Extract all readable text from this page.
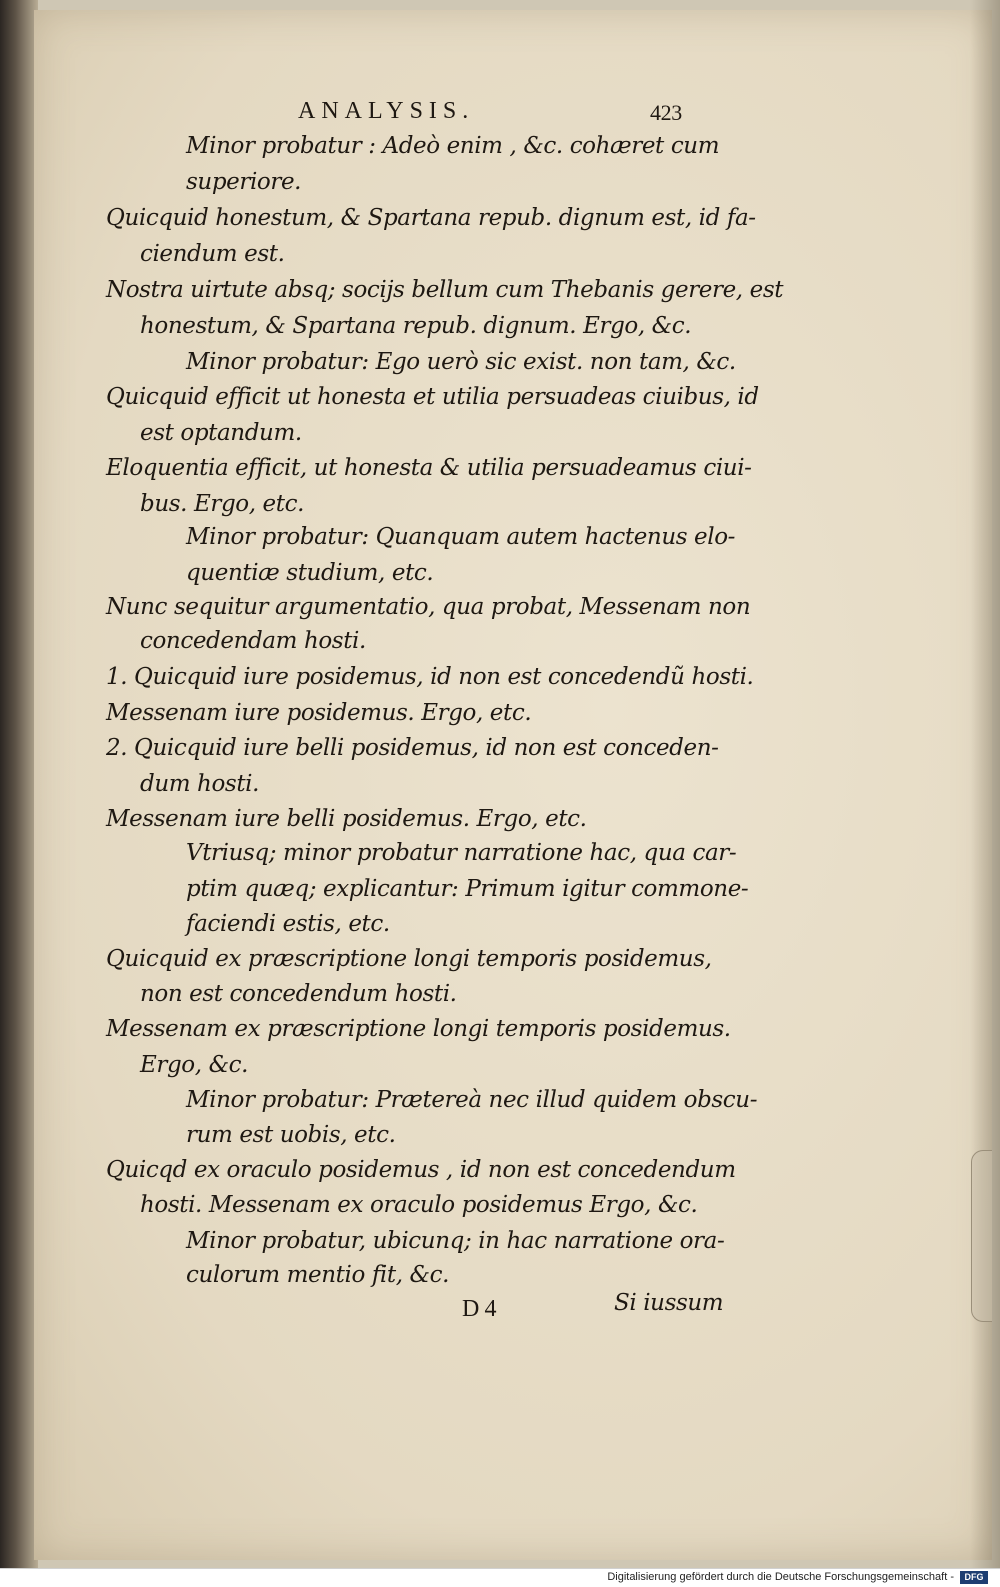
ANALYSIS.	423
Minor probatur : Adeò enim , &c. cohæret cum
superiore.
Quicquid honestum, & Spartana repub. dignum est, id fa-
ciendum est.
Nostra uirtute absq; socijs bellum cum Thebanis gerere, est
honestum, & Spartana repub. dignum. Ergo, &c.
Minor probatur: Ego uerò sic exist. non tam, &c.
Quicquid efficit ut honesta et utilia persuadeas ciuibus, id
est optandum.
Eloquentia efficit, ut honesta & utilia persuadeamus ciui-
bus. Ergo, etc.
Minor probatur: Quanquam autem hactenus elo-
quentiæ studium, etc.
Nunc sequitur argumentatio, qua probat, Messenam non
concedendam hosti.
1. Quicquid iure posidemus, id non est concedendũ hosti.
Messenam iure posidemus. Ergo, etc.
2. Quicquid iure belli posidemus, id non est conceden-
dum hosti.
Messenam iure belli posidemus. Ergo, etc.
Vtriusq; minor probatur narratione hac, qua car-
ptim quæq; explicantur: Primum igitur commone-
faciendi estis, etc.
Quicquid ex præscriptione longi temporis posidemus,
non est concedendum hosti.
Messenam ex præscriptione longi temporis posidemus.
Ergo, &c.
Minor probatur: Prætereà nec illud quidem obscu-
rum est uobis, etc.
Quicqd ex oraculo posidemus , id non est concedendum
hosti. Messenam ex oraculo posidemus Ergo, &c.
Minor probatur, ubicunq; in hac narratione ora-
culorum mentio fit, &c.
D 4	Si iussum
Digitalisierung gefördert durch die Deutsche Forschungsgemeinschaft -	DFG
